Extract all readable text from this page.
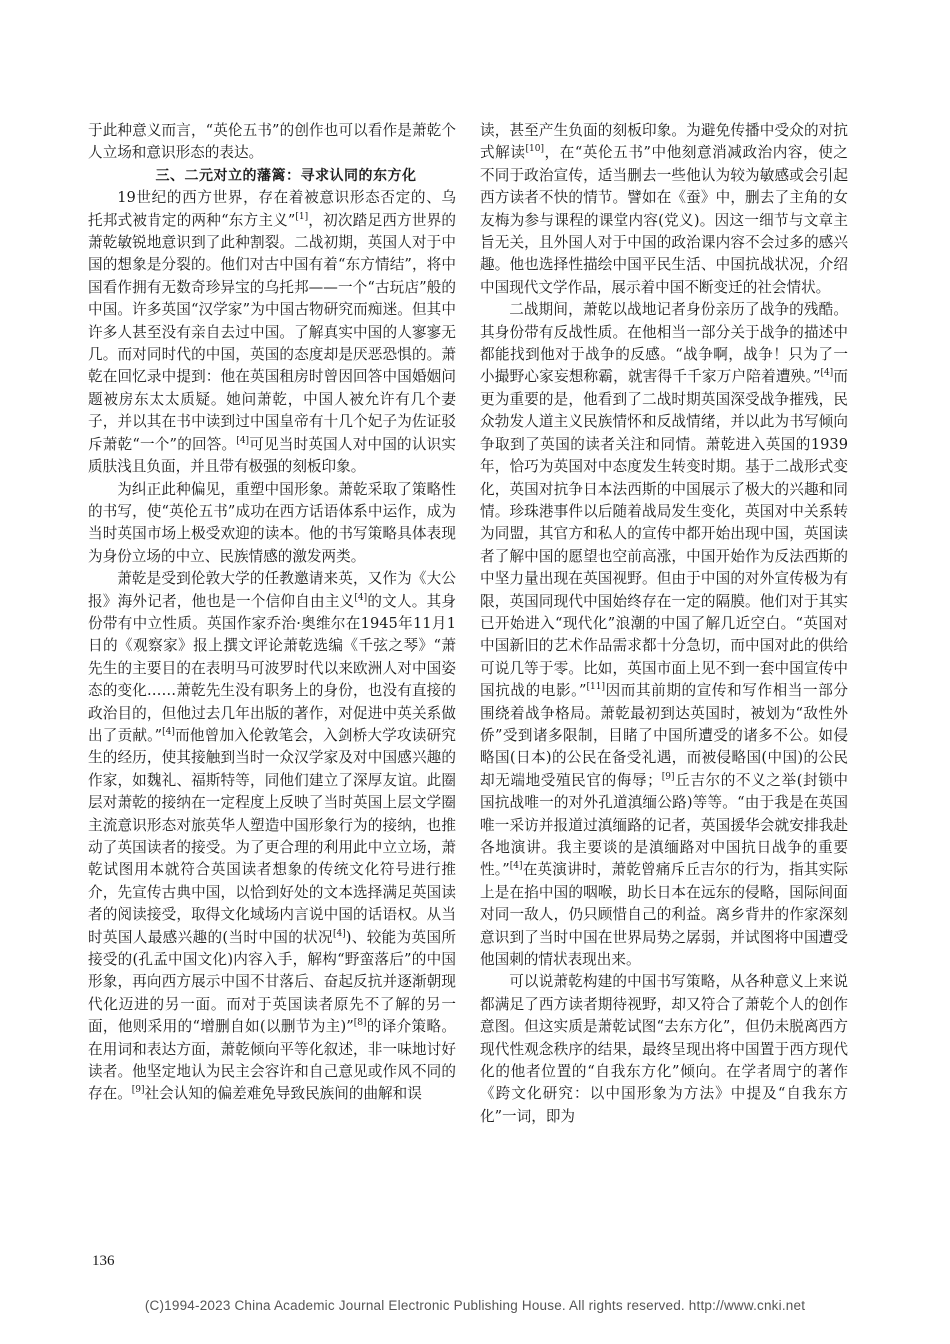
于此种意义而言，“英伦五书”的创作也可以看作是萧乾个人立场和意识形态的表达。

三、二元对立的藩篱：寻求认同的东方化

19世纪的西方世界，存在着被意识形态否定的、乌托邦式被肯定的两种“东方主义”[1]，初次踏足西方世界的萧乾敏锐地意识到了此种割裂。二战初期，英国人对于中国的想象是分裂的。他们对古中国有着“东方情结”，将中国看作拥有无数奇珍异宝的乌托邦——一个“古玩店”般的中国。许多英国“汉学家”为中国古物研究而痴迷。但其中许多人甚至没有亲自去过中国。了解真实中国的人寥寥无几。而对同时代的中国，英国的态度却是厌恶恐惧的。萧乾在回忆录中提到：他在英国租房时曾因回答中国婚姻问题被房东太太质疑。她问萧乾，中国人被允许有几个妻子，并以其在书中读到过中国皇帝有十几个妃子为佐证驳斥萧乾“一个”的回答。[4]可见当时英国人对中国的认识实质肤浅且负面，并且带有极强的刻板印象。

为纠正此种偏见，重塑中国形象。萧乾采取了策略性的书写，使“英伦五书”成功在西方话语体系中运作，成为当时英国市场上极受欢迎的读本。他的书写策略具体表现为身份立场的中立、民族情感的激发两类。

萧乾是受到伦敦大学的任教邀请来英，又作为《大公报》海外记者，他也是一个信仰自由主义[4]的文人。其身份带有中立性质。英国作家乔治·奥维尔在1945年11月1日的《观察家》报上撰文评论萧乾选编《千弦之琴》“萧先生的主要目的在表明马可波罗时代以来欧洲人对中国姿态的变化……萧乾先生没有职务上的身份，也没有直接的政治目的，但他过去几年出版的著作，对促进中英关系做出了贡献。”[4]而他曾加入伦敦笔会，入剑桥大学攻读研究生的经历，使其接触到当时一众汉学家及对中国感兴趣的作家，如魏礼、福斯特等，同他们建立了深厚友谊。此圈层对萧乾的接纳在一定程度上反映了当时英国上层文学圈主流意识形态对旅英华人塑造中国形象行为的接纳，也推动了英国读者的接受。为了更合理的利用此中立立场，萧乾试图用本就符合英国读者想象的传统文化符号进行推介，先宣传古典中国，以恰到好处的文本选择满足英国读者的阅读接受，取得文化域场内言说中国的话语权。从当时英国人最感兴趣的(当时中国的状况[4])、较能为英国所接受的(孔孟中国文化)内容入手，解构“野蛮落后”的中国形象，再向西方展示中国不甘落后、奋起反抗并逐渐朝现代化迈进的另一面。而对于英国读者原先不了解的另一面，他则采用的“增删自如(以删节为主)”[8]的译介策略。在用词和表达方面，萧乾倾向平等化叙述，非一味地讨好读者。他坚定地认为民主会容许和自己意见或作风不同的存在。[9]社会认知的偏差难免导致民族间的曲解和误

读，甚至产生负面的刻板印象。为避免传播中受众的对抗式解读[10]，在“英伦五书”中他刻意消减政治内容，使之不同于政治宣传，适当删去一些他认为较为敏感或会引起西方读者不快的情节。譬如在《蚕》中，删去了主角的女友梅为参与课程的课堂内容(党义)。因这一细节与文章主旨无关，且外国人对于中国的政治课内容不会过多的感兴趣。他也选择性描绘中国平民生活、中国抗战状况，介绍中国现代文学作品，展示着中国不断变迁的社会情状。

二战期间，萧乾以战地记者身份亲历了战争的残酷。其身份带有反战性质。在他相当一部分关于战争的描述中都能找到他对于战争的反感。“战争啊，战争！只为了一小撮野心家妄想称霸，就害得千千家万户陪着遭殃。”[4]而更为重要的是，他看到了二战时期英国深受战争摧残，民众勃发人道主义民族情怀和反战情绪，并以此为书写倾向争取到了英国的读者关注和同情。萧乾进入英国的1939年，恰巧为英国对中态度发生转变时期。基于二战形式变化，英国对抗争日本法西斯的中国展示了极大的兴趣和同情。珍珠港事件以后随着战局发生变化，英国对中关系转为同盟，其官方和私人的宣传中都开始出现中国，英国读者了解中国的愿望也空前高涨，中国开始作为反法西斯的中坚力量出现在英国视野。但由于中国的对外宣传极为有限，英国同现代中国始终存在一定的隔膜。他们对于其实已开始进入“现代化”浪潮的中国了解几近空白。“英国对中国新旧的艺术作品需求都十分急切，而中国对此的供给可说几等于零。比如，英国市面上见不到一套中国宣传中国抗战的电影。”[11]因而其前期的宣传和写作相当一部分围绕着战争格局。萧乾最初到达英国时，被划为“敌性外侨”受到诸多限制，目睹了中国所遭受的诸多不公。如侵略国(日本)的公民在备受礼遇，而被侵略国(中国)的公民却无端地受殖民官的侮辱；[9]丘吉尔的不义之举(封锁中国抗战唯一的对外孔道滇缅公路)等等。“由于我是在英国唯一采访并报道过滇缅路的记者，英国援华会就安排我赴各地演讲。我主要谈的是滇缅路对中国抗日战争的重要性。”[4]在英演讲时，萧乾曾痛斥丘吉尔的行为，指其实际上是在掐中国的咽喉，助长日本在远东的侵略，国际间面对同一敌人，仍只顾惜自己的利益。离乡背井的作家深刻意识到了当时中国在世界局势之孱弱，并试图将中国遭受他国刺的情状表现出来。

可以说萧乾构建的中国书写策略，从各种意义上来说都满足了西方读者期待视野，却又符合了萧乾个人的创作意图。但这实质是萧乾试图“去东方化”，但仍未脱离西方现代性观念秩序的结果，最终呈现出将中国置于西方现代化的他者位置的“自我东方化”倾向。在学者周宁的著作《跨文化研究：以中国形象为方法》中提及“自我东方化”一词，即为

136
(C)1994-2023 China Academic Journal Electronic Publishing House. All rights reserved. http://www.cnki.net
